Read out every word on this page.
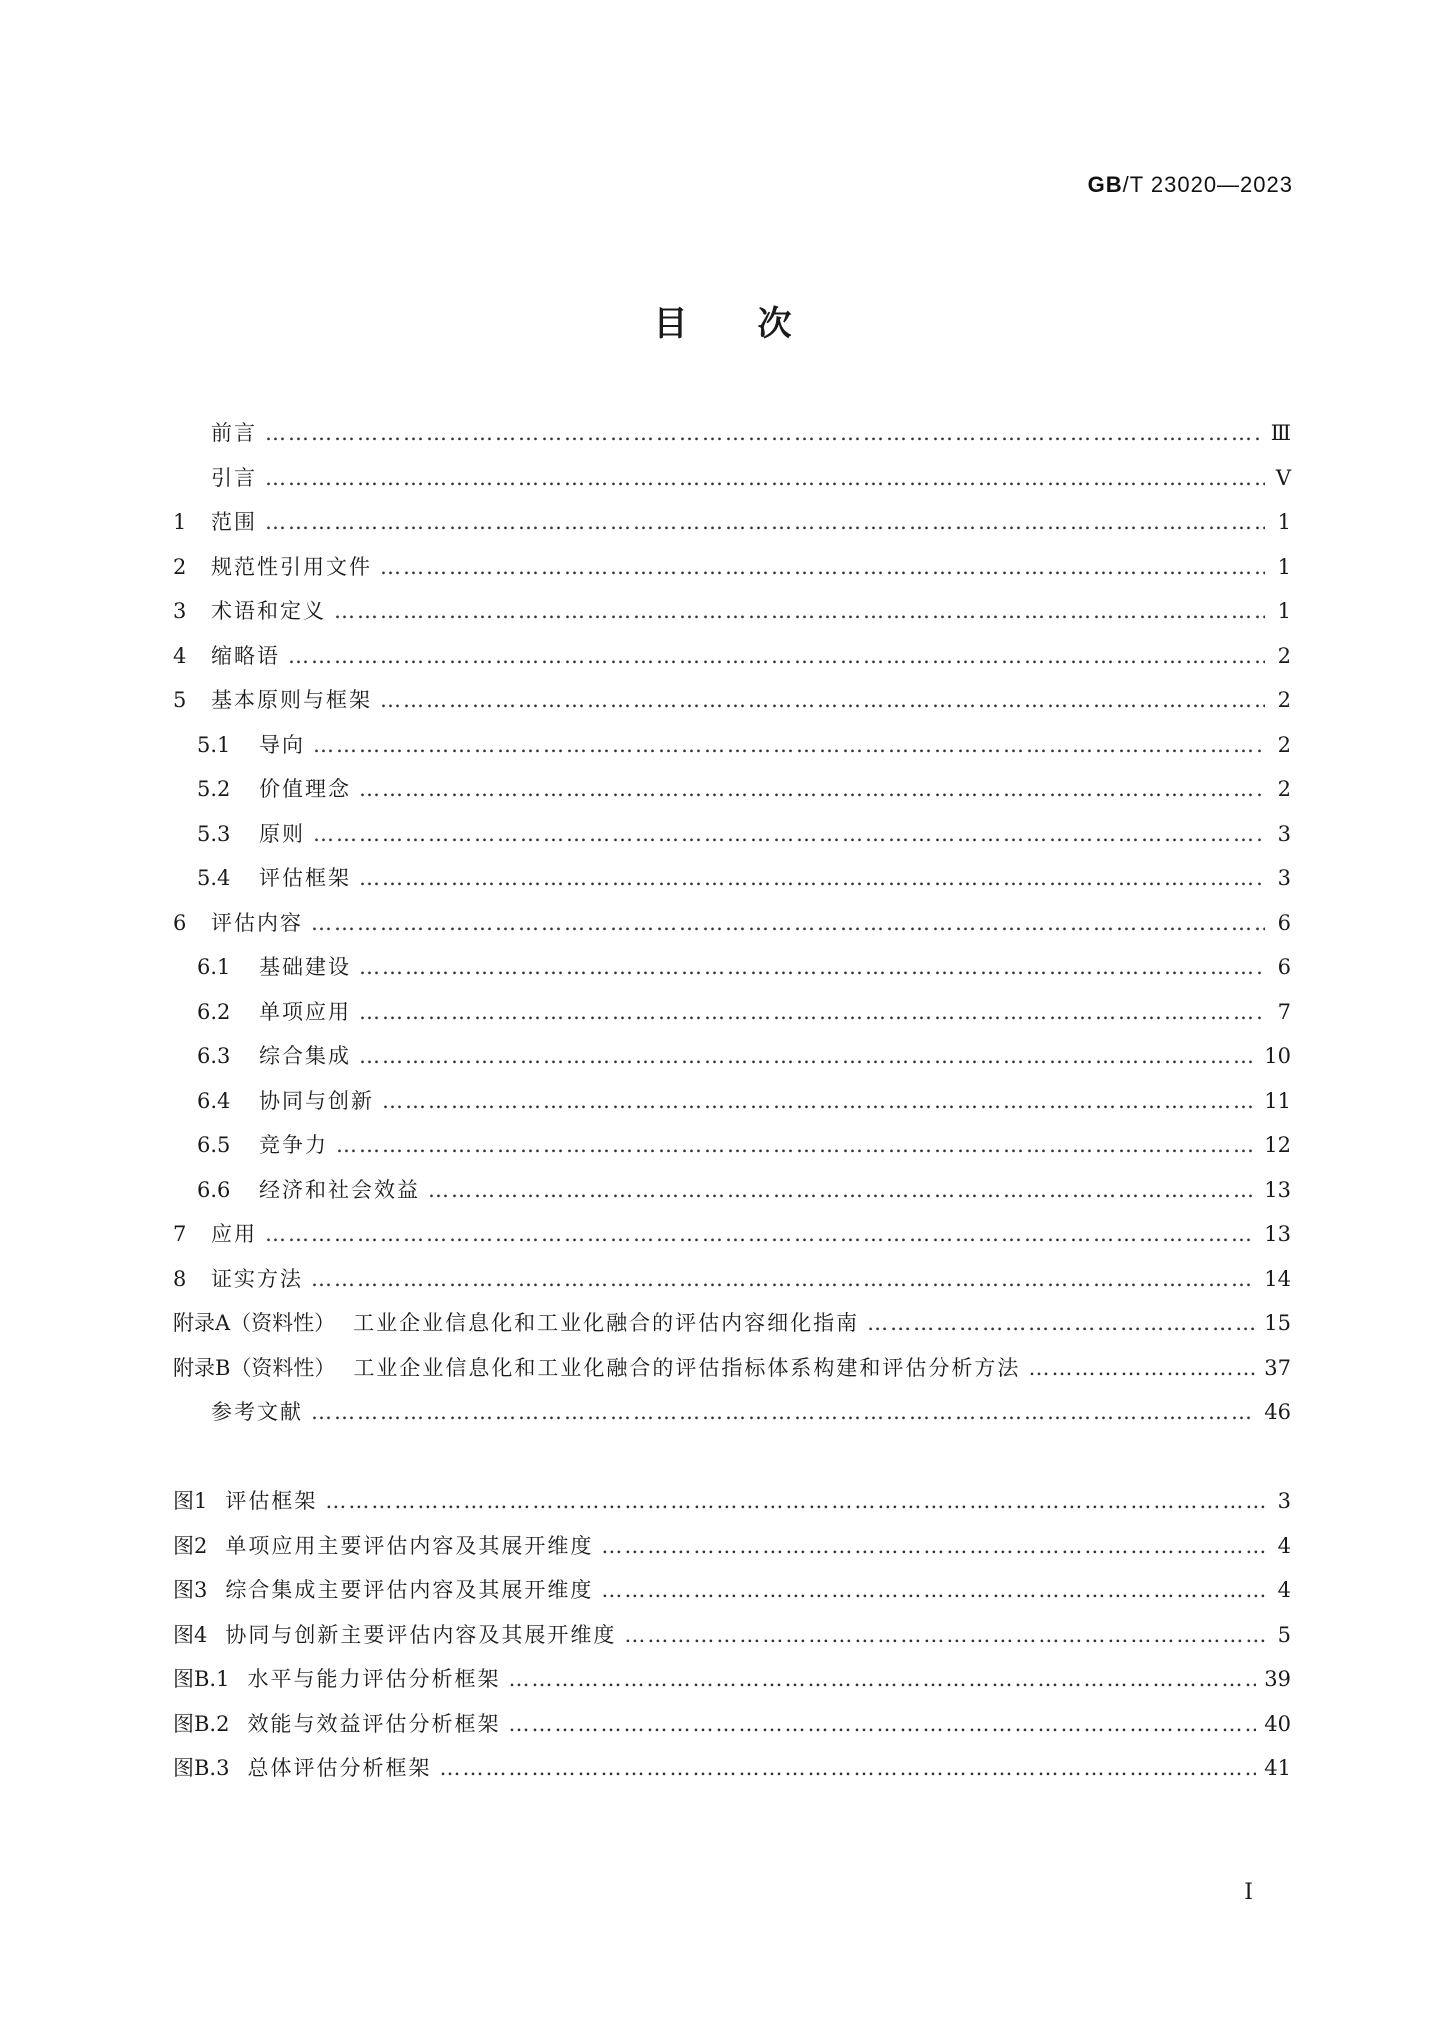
GB/T 23020—2023
目次
前言 ……………………………………………………………………………………………………………………………………………………………………………………………………	Ⅲ
引言 ……………………………………………………………………………………………………………………………………………………………………………………………………	Ⅴ
1 范围 ……………………………………………………………………………………………………………………………………………………………………………………………………	1
2 规范性引用文件 ……………………………………………………………………………………………………………………………………………………………………………………………………	1
3 术语和定义 ……………………………………………………………………………………………………………………………………………………………………………………………………	1
4 缩略语 ……………………………………………………………………………………………………………………………………………………………………………………………………	2
5 基本原则与框架 ……………………………………………………………………………………………………………………………………………………………………………………………………	2
5.1 导向 ……………………………………………………………………………………………………………………………………………………………………………………………………	2
5.2 价值理念 ……………………………………………………………………………………………………………………………………………………………………………………………………	2
5.3 原则 ……………………………………………………………………………………………………………………………………………………………………………………………………	3
5.4 评估框架 ……………………………………………………………………………………………………………………………………………………………………………………………………	3
6 评估内容 ……………………………………………………………………………………………………………………………………………………………………………………………………	6
6.1 基础建设 ……………………………………………………………………………………………………………………………………………………………………………………………………	6
6.2 单项应用 ……………………………………………………………………………………………………………………………………………………………………………………………………	7
6.3 综合集成 ……………………………………………………………………………………………………………………………………………………………………………………………………	10
6.4 协同与创新 ……………………………………………………………………………………………………………………………………………………………………………………………………	11
6.5 竞争力 ……………………………………………………………………………………………………………………………………………………………………………………………………	12
6.6 经济和社会效益 ……………………………………………………………………………………………………………………………………………………………………………………………………	13
7 应用 ……………………………………………………………………………………………………………………………………………………………………………………………………	13
8 证实方法 ……………………………………………………………………………………………………………………………………………………………………………………………………	14
附录A（资料性） 工业企业信息化和工业化融合的评估内容细化指南 ……………………………………………………………………………………………………………………………………………………………………………………………………	15
附录B（资料性） 工业企业信息化和工业化融合的评估指标体系构建和评估分析方法 ……………………………………………………………………………………………………………………………………………………………………………………………………	37
参考文献 ……………………………………………………………………………………………………………………………………………………………………………………………………	46
图1 评估框架 ……………………………………………………………………………………………………………………………………………………………………………………………………	3
图2 单项应用主要评估内容及其展开维度 ……………………………………………………………………………………………………………………………………………………………………………………………………	4
图3 综合集成主要评估内容及其展开维度 ……………………………………………………………………………………………………………………………………………………………………………………………………	4
图4 协同与创新主要评估内容及其展开维度 ……………………………………………………………………………………………………………………………………………………………………………………………………	5
图B.1 水平与能力评估分析框架 ……………………………………………………………………………………………………………………………………………………………………………………………………	39
图B.2 效能与效益评估分析框架 ……………………………………………………………………………………………………………………………………………………………………………………………………	40
图B.3 总体评估分析框架 ……………………………………………………………………………………………………………………………………………………………………………………………………	41
Ⅰ
